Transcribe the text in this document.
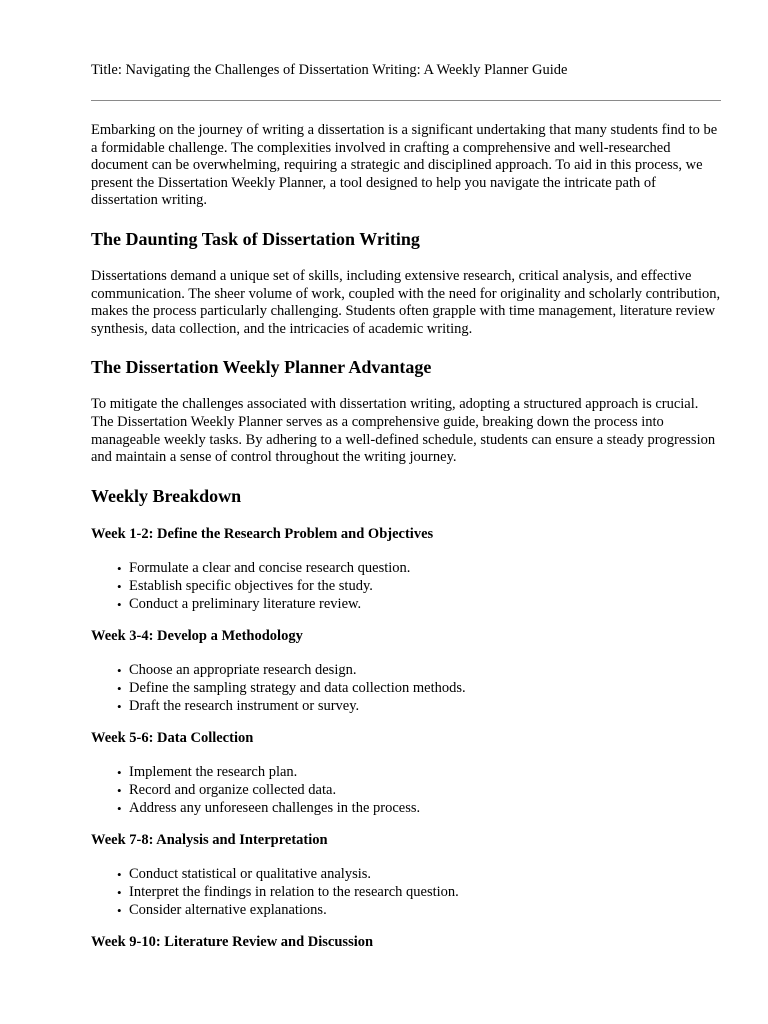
Title: Navigating the Challenges of Dissertation Writing: A Weekly Planner Guide

Embarking on the journey of writing a dissertation is a significant undertaking that many students find to be a formidable challenge. The complexities involved in crafting a comprehensive and well-researched document can be overwhelming, requiring a strategic and disciplined approach. To aid in this process, we present the Dissertation Weekly Planner, a tool designed to help you navigate the intricate path of dissertation writing.

The Daunting Task of Dissertation Writing

Dissertations demand a unique set of skills, including extensive research, critical analysis, and effective communication. The sheer volume of work, coupled with the need for originality and scholarly contribution, makes the process particularly challenging. Students often grapple with time management, literature review synthesis, data collection, and the intricacies of academic writing.

The Dissertation Weekly Planner Advantage

To mitigate the challenges associated with dissertation writing, adopting a structured approach is crucial. The Dissertation Weekly Planner serves as a comprehensive guide, breaking down the process into manageable weekly tasks. By adhering to a well-defined schedule, students can ensure a steady progression and maintain a sense of control throughout the writing journey.

Weekly Breakdown
Week 1-2: Define the Research Problem and Objectives
• Formulate a clear and concise research question.
• Establish specific objectives for the study.
• Conduct a preliminary literature review.
Week 3-4: Develop a Methodology
• Choose an appropriate research design.
• Define the sampling strategy and data collection methods.
• Draft the research instrument or survey.
Week 5-6: Data Collection
• Implement the research plan.
• Record and organize collected data.
• Address any unforeseen challenges in the process.
Week 7-8: Analysis and Interpretation
• Conduct statistical or qualitative analysis.
• Interpret the findings in relation to the research question.
• Consider alternative explanations.
Week 9-10: Literature Review and Discussion
